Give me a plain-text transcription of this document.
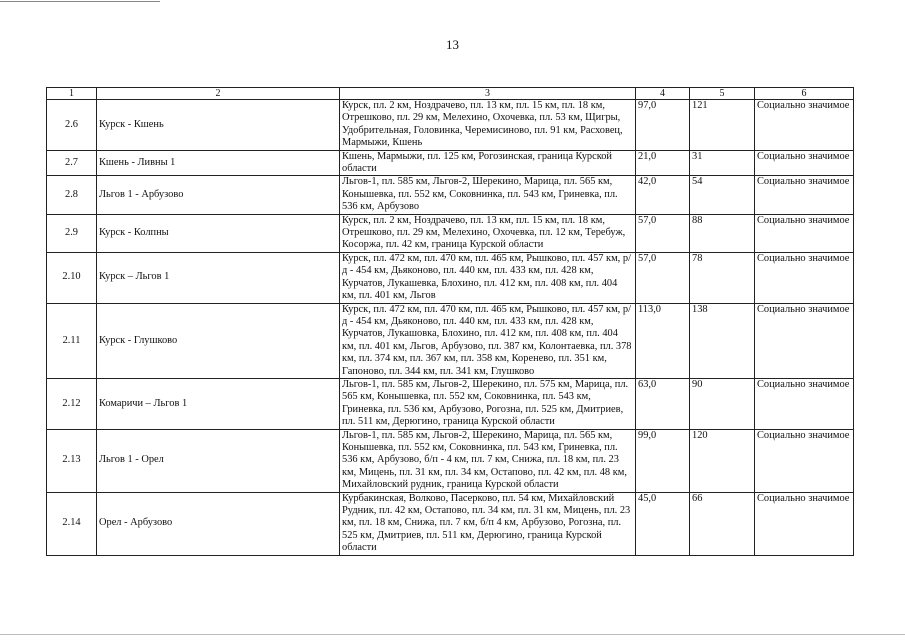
13
1	2	3	4	5	6
2.6	Курск - Кшень	Курск, пл. 2 км, Ноздрачево, пл. 13 км, пл. 15 км, пл. 18 км, Отрешково, пл. 29 км, Мелехино, Охочевка, пл. 53 км, Щигры, Удобрительная, Головинка, Черемисиново, пл. 91 км, Расховец, Мармыжи, Кшень	97,0	121	Социально значимое
2.7	Кшень - Ливны 1	Кшень, Мармыжи, пл. 125 км, Рогозинская, граница Курской области	21,0	31	Социально значимое
2.8	Льгов 1 - Арбузово	Льгов-1, пл. 585 км, Льгов-2, Шерекино, Марица, пл. 565 км, Конышевка, пл. 552 км, Соковнинка, пл. 543 км, Гриневка, пл. 536 км, Арбузово	42,0	54	Социально значимое
2.9	Курск - Колпны	Курск, пл. 2 км, Ноздрачево, пл. 13 км, пл. 15 км, пл. 18 км, Отрешково, пл. 29 км, Мелехино, Охочевка, пл. 12 км, Теребуж, Косоржа, пл. 42 км, граница Курской области	57,0	88	Социально значимое
2.10	Курск – Льгов 1	Курск, пл. 472 км, пл. 470 км, пл. 465 км, Рышково, пл. 457 км, р/д - 454 км, Дьяконово, пл. 440 км, пл. 433 км, пл. 428 км, Курчатов, Лукашевка, Блохино, пл. 412 км, пл. 408 км, пл. 404 км, пл. 401 км, Льгов	57,0	78	Социально значимое
2.11	Курск - Глушково	Курск, пл. 472 км, пл. 470 км, пл. 465 км, Рышково, пл. 457 км, р/д - 454 км, Дьяконово, пл. 440 км, пл. 433 км, пл. 428 км, Курчатов, Лукашовка, Блохино, пл. 412 км, пл. 408 км, пл. 404 км, пл. 401 км, Льгов, Арбузово, пл. 387 км, Колонтаевка, пл. 378 км, пл. 374 км, пл. 367 км, пл. 358 км, Коренево, пл. 351 км, Гапоново, пл. 344 км, пл. 341 км, Глушково	113,0	138	Социально значимое
2.12	Комаричи – Льгов 1	Льгов-1, пл. 585 км, Льгов-2, Шерекино, пл. 575 км, Марица, пл. 565 км, Конышевка, пл. 552 км, Соковнинка, пл. 543 км, Гриневка, пл. 536 км, Арбузово, Рогозна, пл. 525 км, Дмитриев, пл. 511 км, Дерюгино, граница Курской области	63,0	90	Социально значимое
2.13	Льгов 1 - Орел	Льгов-1, пл. 585 км, Льгов-2, Шерекино, Марица, пл. 565 км, Конышевка, пл. 552 км, Соковнинка, пл. 543 км, Гриневка, пл. 536 км, Арбузово, б/п - 4 км, пл. 7 км, Снижа, пл. 18 км, пл. 23 км, Мицень, пл. 31 км, пл. 34 км, Остапово, пл. 42 км, пл. 48 км, Михайловский рудник, граница Курской области	99,0	120	Социально значимое
2.14	Орел - Арбузово	Курбакинская, Волково, Пасерково, пл. 54 км, Михайловский Рудник, пл. 42 км, Остапово, пл. 34 км, пл. 31 км, Мицень, пл. 23 км, пл. 18 км, Снижа, пл. 7 км, б/п 4 км, Арбузово, Рогозна, пл. 525 км, Дмитриев, пл. 511 км, Дерюгино, граница Курской области	45,0	66	Социально значимое
